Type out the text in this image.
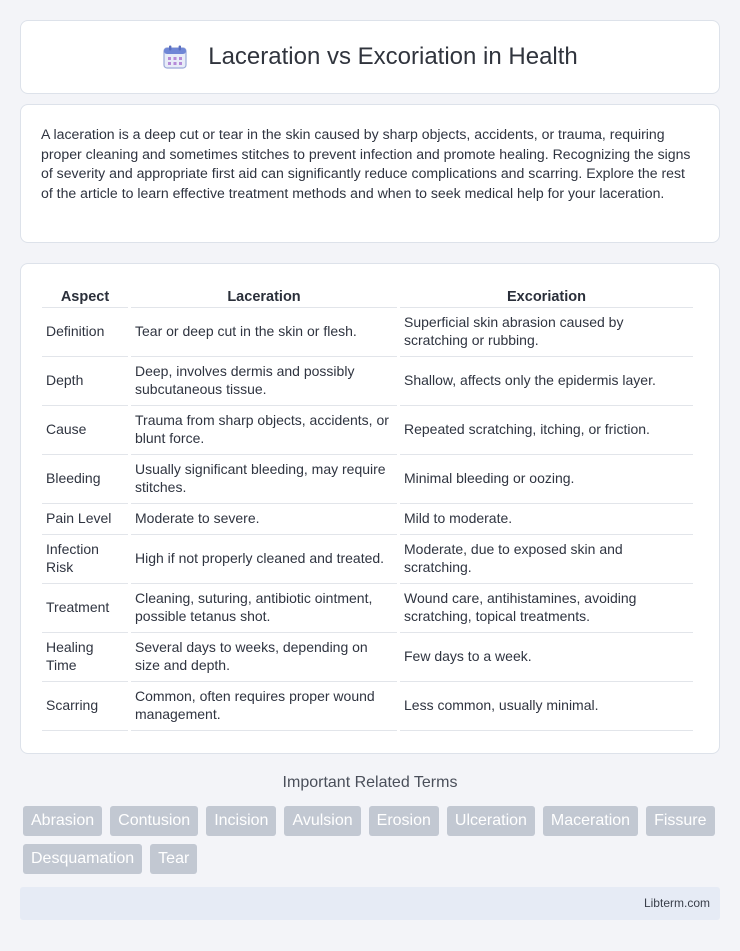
Laceration vs Excoriation in Health

A laceration is a deep cut or tear in the skin caused by sharp objects, accidents, or trauma, requiring proper cleaning and sometimes stitches to prevent infection and promote healing. Recognizing the signs of severity and appropriate first aid can significantly reduce complications and scarring. Explore the rest of the article to learn effective treatment methods and when to seek medical help for your laceration.

Aspect	Laceration	Excoriation
Definition	Tear or deep cut in the skin or flesh.	Superficial skin abrasion caused by scratching or rubbing.
Depth	Deep, involves dermis and possibly subcutaneous tissue.	Shallow, affects only the epidermis layer.
Cause	Trauma from sharp objects, accidents, or blunt force.	Repeated scratching, itching, or friction.
Bleeding	Usually significant bleeding, may require stitches.	Minimal bleeding or oozing.
Pain Level	Moderate to severe.	Mild to moderate.
Infection Risk	High if not properly cleaned and treated.	Moderate, due to exposed skin and scratching.
Treatment	Cleaning, suturing, antibiotic ointment, possible tetanus shot.	Wound care, antihistamines, avoiding scratching, topical treatments.
Healing Time	Several days to weeks, depending on size and depth.	Few days to a week.
Scarring	Common, often requires proper wound management.	Less common, usually minimal.
Important Related Terms
Abrasion	Contusion	Incision	Avulsion	Erosion	Ulceration	Maceration	Fissure
Desquamation	Tear
Libterm.com
